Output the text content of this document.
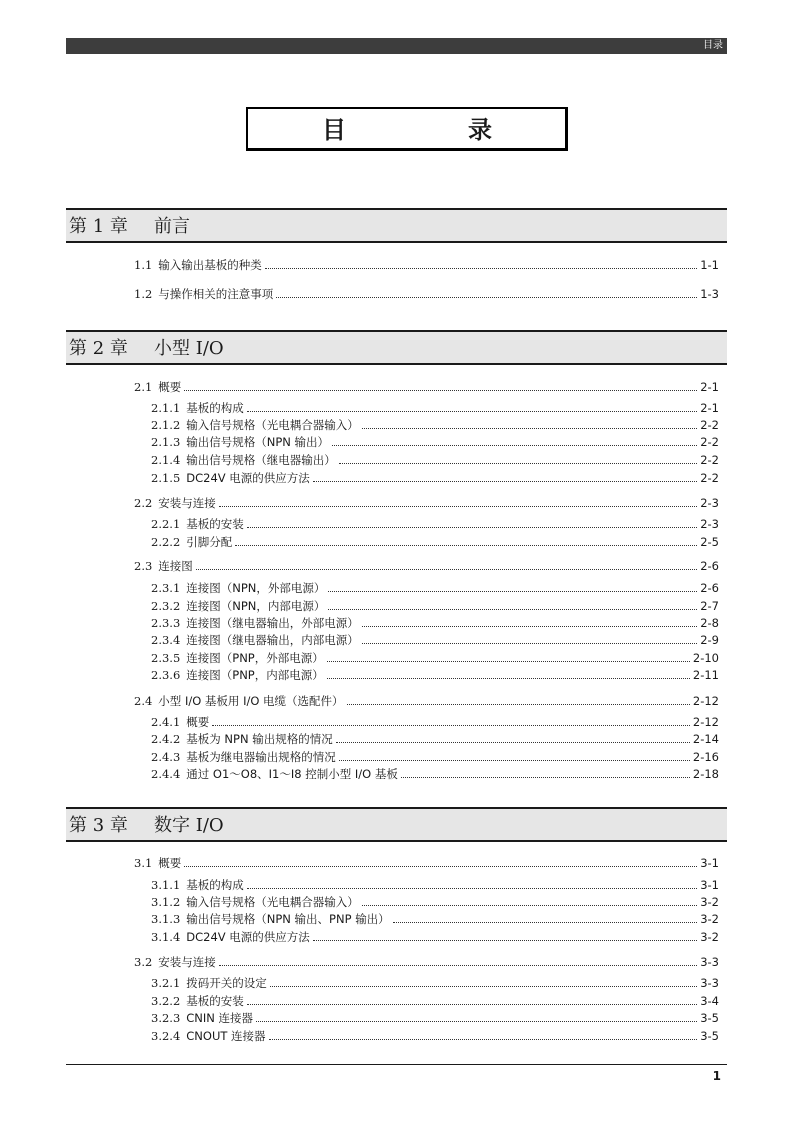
目录
目	录
第 1 章 前言
1.1 输入输出基板的种类	1-1
1.2 与操作相关的注意事项	1-3
第 2 章 小型 I/O
2.1 概要	2-1
2.1.1 基板的构成	2-1
2.1.2 输入信号规格（光电耦合器输入）	2-2
2.1.3 输出信号规格（NPN 输出）	2-2
2.1.4 输出信号规格（继电器输出）	2-2
2.1.5 DC24V 电源的供应方法	2-2
2.2 安装与连接	2-3
2.2.1 基板的安装	2-3
2.2.2 引脚分配	2-5
2.3 连接图	2-6
2.3.1 连接图（NPN，外部电源）	2-6
2.3.2 连接图（NPN，内部电源）	2-7
2.3.3 连接图（继电器输出，外部电源）	2-8
2.3.4 连接图（继电器输出，内部电源）	2-9
2.3.5 连接图（PNP，外部电源）	2-10
2.3.6 连接图（PNP，内部电源）	2-11
2.4 小型 I/O 基板用 I/O 电缆（选配件）	2-12
2.4.1 概要	2-12
2.4.2 基板为 NPN 输出规格的情况	2-14
2.4.3 基板为继电器输出规格的情况	2-16
2.4.4 通过 O1～O8、I1～I8 控制小型 I/O 基板	2-18
第 3 章 数字 I/O
3.1 概要	3-1
3.1.1 基板的构成	3-1
3.1.2 输入信号规格（光电耦合器输入）	3-2
3.1.3 输出信号规格（NPN 输出、PNP 输出）	3-2
3.1.4 DC24V 电源的供应方法	3-2
3.2 安装与连接	3-3
3.2.1 拨码开关的设定	3-3
3.2.2 基板的安装	3-4
3.2.3 CNIN 连接器	3-5
3.2.4 CNOUT 连接器	3-5
1
